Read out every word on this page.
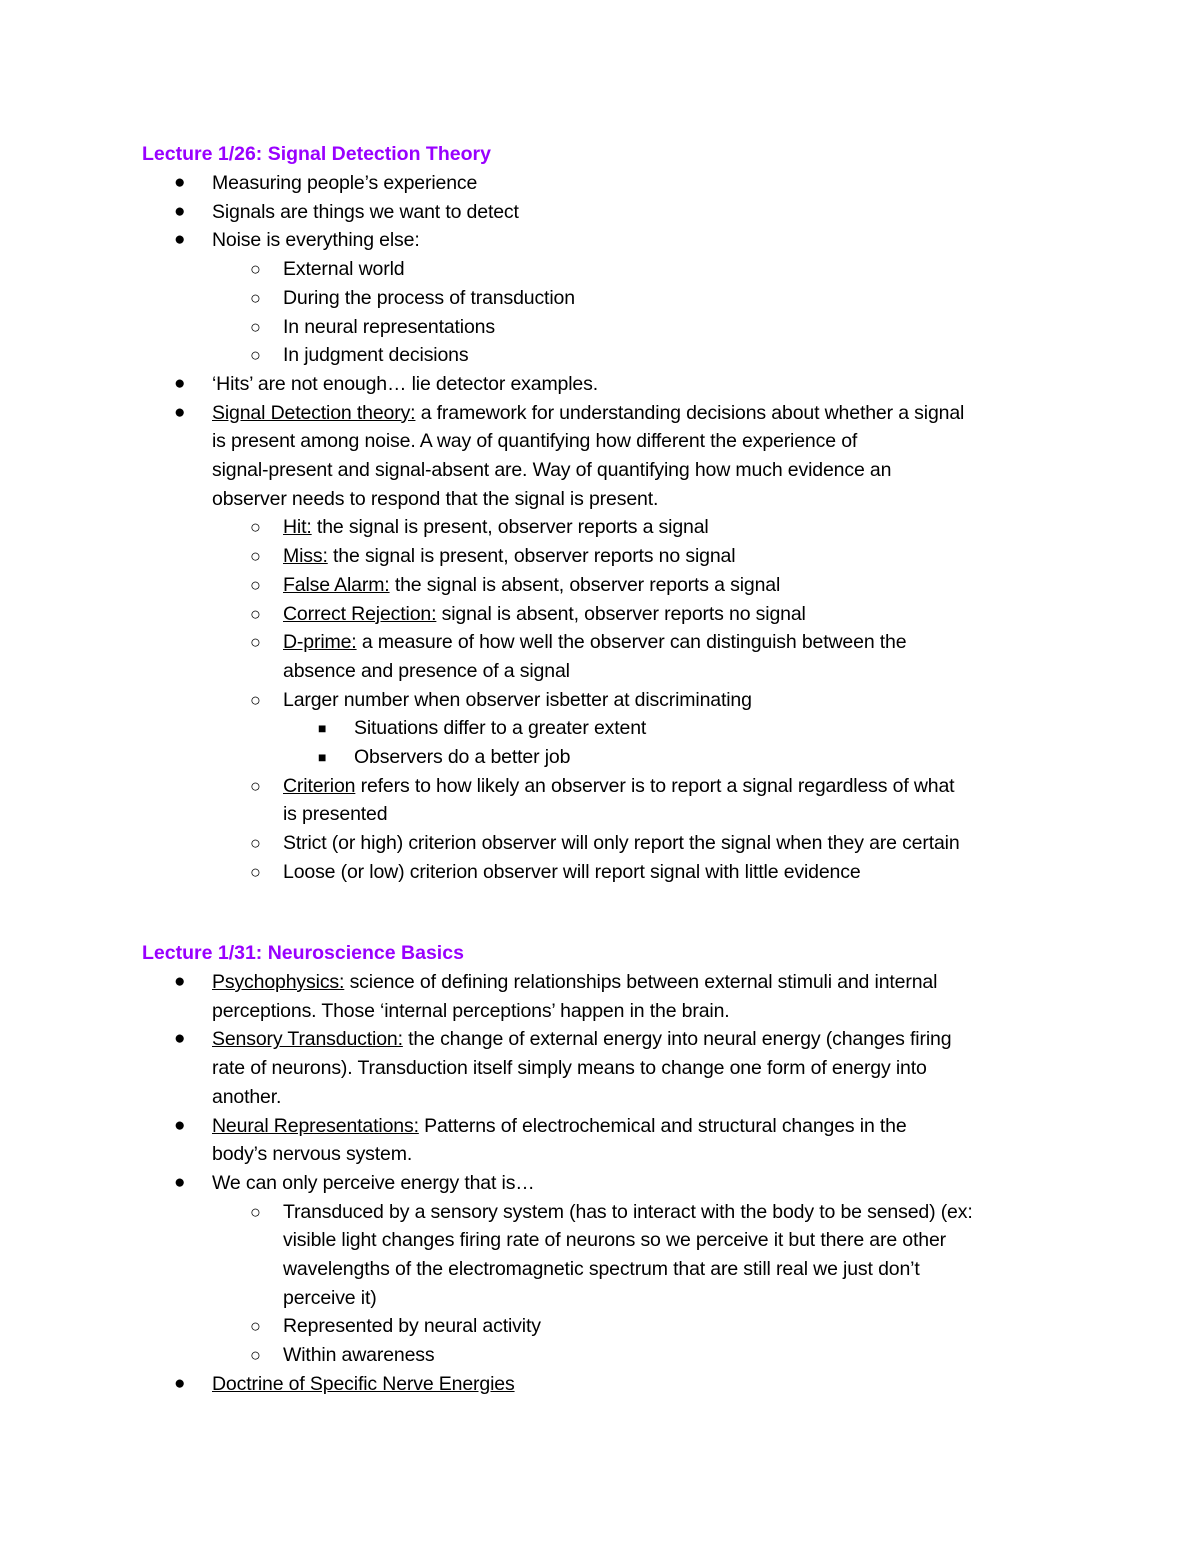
Lecture 1/26: Signal Detection Theory
● Measuring people’s experience
● Signals are things we want to detect
● Noise is everything else:
○ External world
○ During the process of transduction
○ In neural representations
○ In judgment decisions
● ‘Hits’ are not enough… lie detector examples.
● Signal Detection theory: a framework for understanding decisions about whether a signal
is present among noise. A way of quantifying how different the experience of
signal-present and signal-absent are. Way of quantifying how much evidence an
observer needs to respond that the signal is present.
○ Hit: the signal is present, observer reports a signal
○ Miss: the signal is present, observer reports no signal
○ False Alarm: the signal is absent, observer reports a signal
○ Correct Rejection: signal is absent, observer reports no signal
○ D-prime: a measure of how well the observer can distinguish between the
absence and presence of a signal
○ Larger number when observer isbetter at discriminating
■ Situations differ to a greater extent
■ Observers do a better job
○ Criterion refers to how likely an observer is to report a signal regardless of what
is presented
○ Strict (or high) criterion observer will only report the signal when they are certain
○ Loose (or low) criterion observer will report signal with little evidence
Lecture 1/31: Neuroscience Basics
● Psychophysics: science of defining relationships between external stimuli and internal
perceptions. Those ‘internal perceptions’ happen in the brain.
● Sensory Transduction: the change of external energy into neural energy (changes firing
rate of neurons). Transduction itself simply means to change one form of energy into
another.
● Neural Representations: Patterns of electrochemical and structural changes in the
body’s nervous system.
● We can only perceive energy that is…
○ Transduced by a sensory system (has to interact with the body to be sensed) (ex:
visible light changes firing rate of neurons so we perceive it but there are other
wavelengths of the electromagnetic spectrum that are still real we just don’t
perceive it)
○ Represented by neural activity
○ Within awareness
● Doctrine of Specific Nerve Energies
